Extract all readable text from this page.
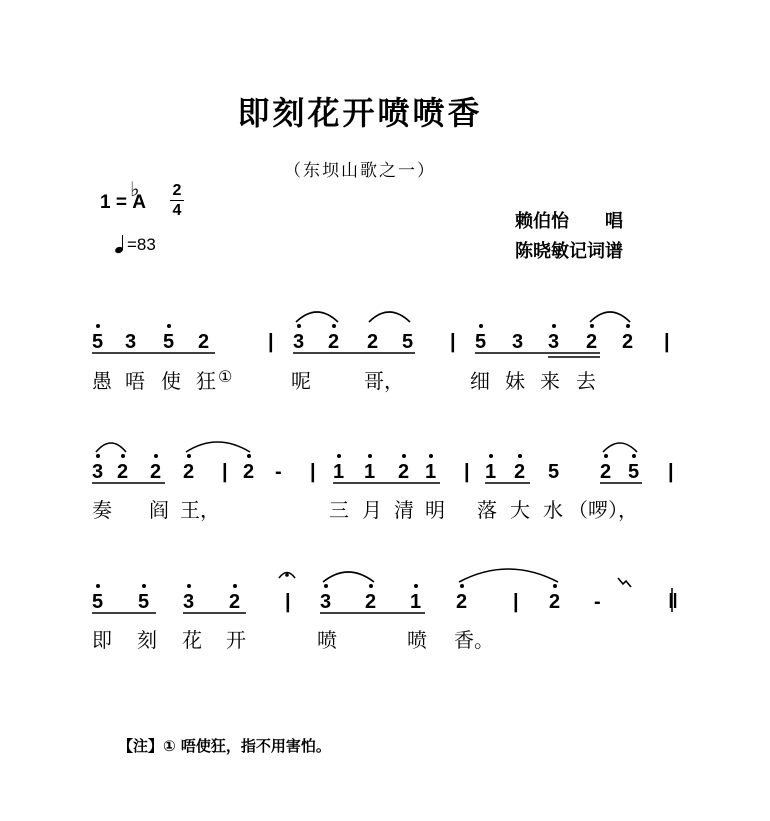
即刻花开喷喷香
（东坝山歌之一）
赖伯怡　　唱
陈晓敏记词谱
1 = A
♭ 2
4
=83
5 3 5 2	| 3 2 2 5 | 5 3 3 2 2 |
3 2 2 2 | 2 - | 1 1 2 1 | 1 2 5 2 5 |
5 5 3 2 | 3 2 1 2 | 2 -	‖
愚 唔 使 狂 ①	呢	哥，	细 妹 来 去
奏 阎 王，	三 月 清 明 落 大 水 （啰），
即 刻 花 开	喷	喷 香。
【注】① 唔使狂，指不用害怕。
